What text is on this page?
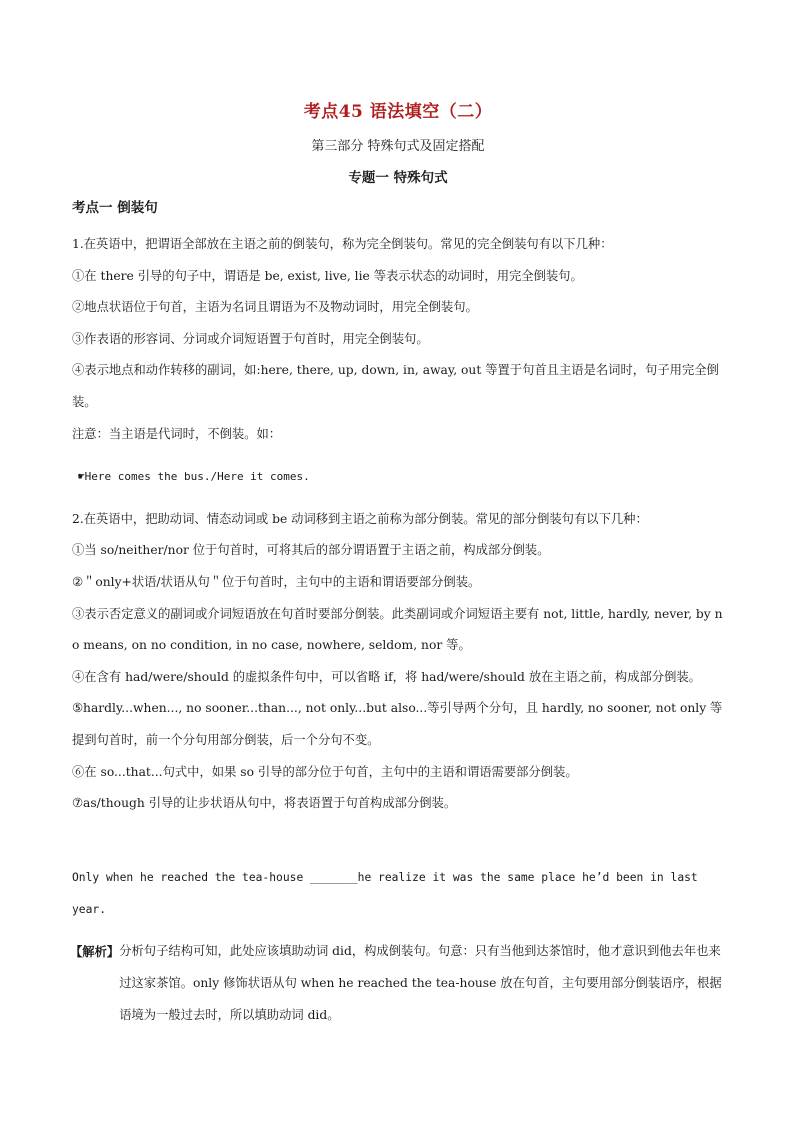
考点45 语法填空（二）
第三部分 特殊句式及固定搭配
专题一 特殊句式
考点一 倒装句

1.在英语中，把谓语全部放在主语之前的倒装句，称为完全倒装句。常见的完全倒装句有以下几种：

①在 there 引导的句子中，谓语是 be, exist, live, lie 等表示状态的动词时，用完全倒装句。

②地点状语位于句首，主语为名词且谓语为不及物动词时，用完全倒装句。

③作表语的形容词、分词或介词短语置于句首时，用完全倒装句。

④表示地点和动作转移的副词，如:here, there, up, down, in, away, out 等置于句首且主语是名词时，句子用完全倒装。

注意：当主语是代词时，不倒装。如：

☛Here comes the bus./Here it comes.

2.在英语中，把助动词、情态动词或 be 动词移到主语之前称为部分倒装。常见的部分倒装句有以下几种：

①当 so/neither/nor 位于句首时，可将其后的部分谓语置于主语之前，构成部分倒装。

②＂only+状语/状语从句＂位于句首时，主句中的主语和谓语要部分倒装。

③表示否定意义的副词或介词短语放在句首时要部分倒装。此类副词或介词短语主要有 not, little, hardly, never, by no means, on no condition, in no case, nowhere, seldom, nor 等。

④在含有 had/were/should 的虚拟条件句中，可以省略 if，将 had/were/should 放在主语之前，构成部分倒装。

⑤hardly...when..., no sooner...than..., not only...but also...等引导两个分句，且 hardly, no sooner, not only 等提到句首时，前一个分句用部分倒装，后一个分句不变。

⑥在 so...that...句式中，如果 so 引导的部分位于句首，主句中的主语和谓语需要部分倒装。

⑦as/though 引导的让步状语从句中，将表语置于句首构成部分倒装。

Only when he reached the tea-house _______he realize it was the same place he’d been in last year.

【解析】 分析句子结构可知，此处应该填助动词 did，构成倒装句。句意：只有当他到达茶馆时，他才意识到他去年也来过这家茶馆。only 修饰状语从句 when he reached the tea-house 放在句首，主句要用部分倒装语序，根据语境为一般过去时，所以填助动词 did。
